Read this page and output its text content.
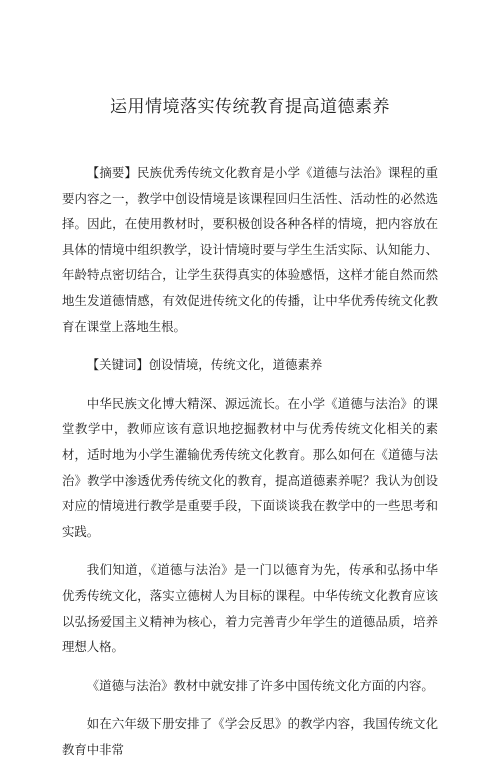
运用情境落实传统教育提高道德素养

【摘要】民族优秀传统文化教育是小学《道德与法治》课程的重要内容之一，教学中创设情境是该课程回归生活性、活动性的必然选择。因此，在使用教材时，要积极创设各种各样的情境，把内容放在具体的情境中组织教学，设计情境时要与学生生活实际、认知能力、年龄特点密切结合，让学生获得真实的体验感悟，这样才能自然而然地生发道德情感，有效促进传统文化的传播，让中华优秀传统文化教育在课堂上落地生根。

【关键词】创设情境，传统文化，道德素养

中华民族文化博大精深、源远流长。在小学《道德与法治》的课堂教学中，教师应该有意识地挖掘教材中与优秀传统文化相关的素材，适时地为小学生灌输优秀传统文化教育。那么如何在《道德与法治》教学中渗透优秀传统文化的教育，提高道德素养呢？我认为创设对应的情境进行教学是重要手段，下面谈谈我在教学中的一些思考和实践。

我们知道，《道德与法治》是一门以德育为先，传承和弘扬中华优秀传统文化，落实立德树人为目标的课程。中华传统文化教育应该以弘扬爱国主义精神为核心，着力完善青少年学生的道德品质，培养理想人格。

《道德与法治》教材中就安排了许多中国传统文化方面的内容。

如在六年级下册安排了《学会反思》的教学内容，我国传统文化教育中非常
